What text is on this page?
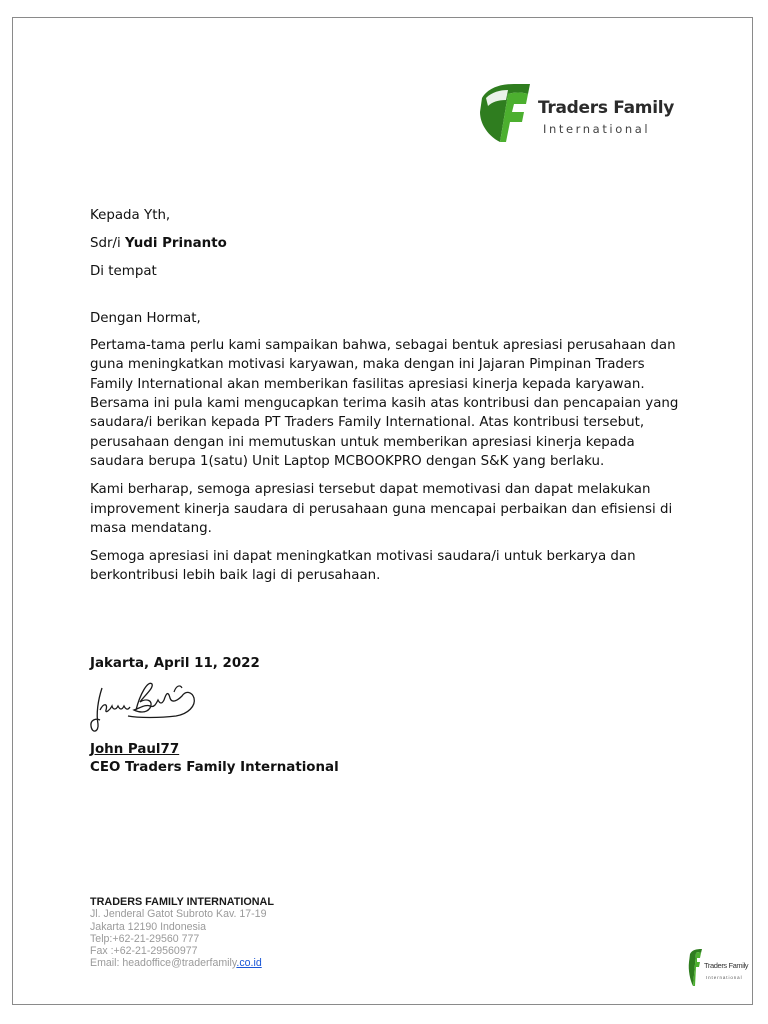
Traders Family
International

Kepada Yth,

Sdr/i Yudi Prinanto

Di tempat

Dengan Hormat,

Pertama-tama perlu kami sampaikan bahwa, sebagai bentuk apresiasi perusahaan dan guna meningkatkan motivasi karyawan, maka dengan ini Jajaran Pimpinan Traders Family International akan memberikan fasilitas apresiasi kinerja kepada karyawan. Bersama ini pula kami mengucapkan terima kasih atas kontribusi dan pencapaian yang saudara/i berikan kepada PT Traders Family International. Atas kontribusi tersebut, perusahaan dengan ini memutuskan untuk memberikan apresiasi kinerja kepada saudara berupa 1(satu) Unit Laptop MCBOOKPRO dengan S&K yang berlaku.

Kami berharap, semoga apresiasi tersebut dapat memotivasi dan dapat melakukan improvement kinerja saudara di perusahaan guna mencapai perbaikan dan efisiensi di masa mendatang.

Semoga apresiasi ini dapat meningkatkan motivasi saudara/i untuk berkarya dan berkontribusi lebih baik lagi di perusahaan.

Jakarta, April 11, 2022
John Paul77
CEO Traders Family International
TRADERS FAMILY INTERNATIONAL
Jl. Jenderal Gatot Subroto Kav. 17-19
Jakarta 12190 Indonesia
Telp:+62-21-29560 777
Fax :+62-21-29560977
Email: headoffice@traderfamily.co.id	Traders Family
International
